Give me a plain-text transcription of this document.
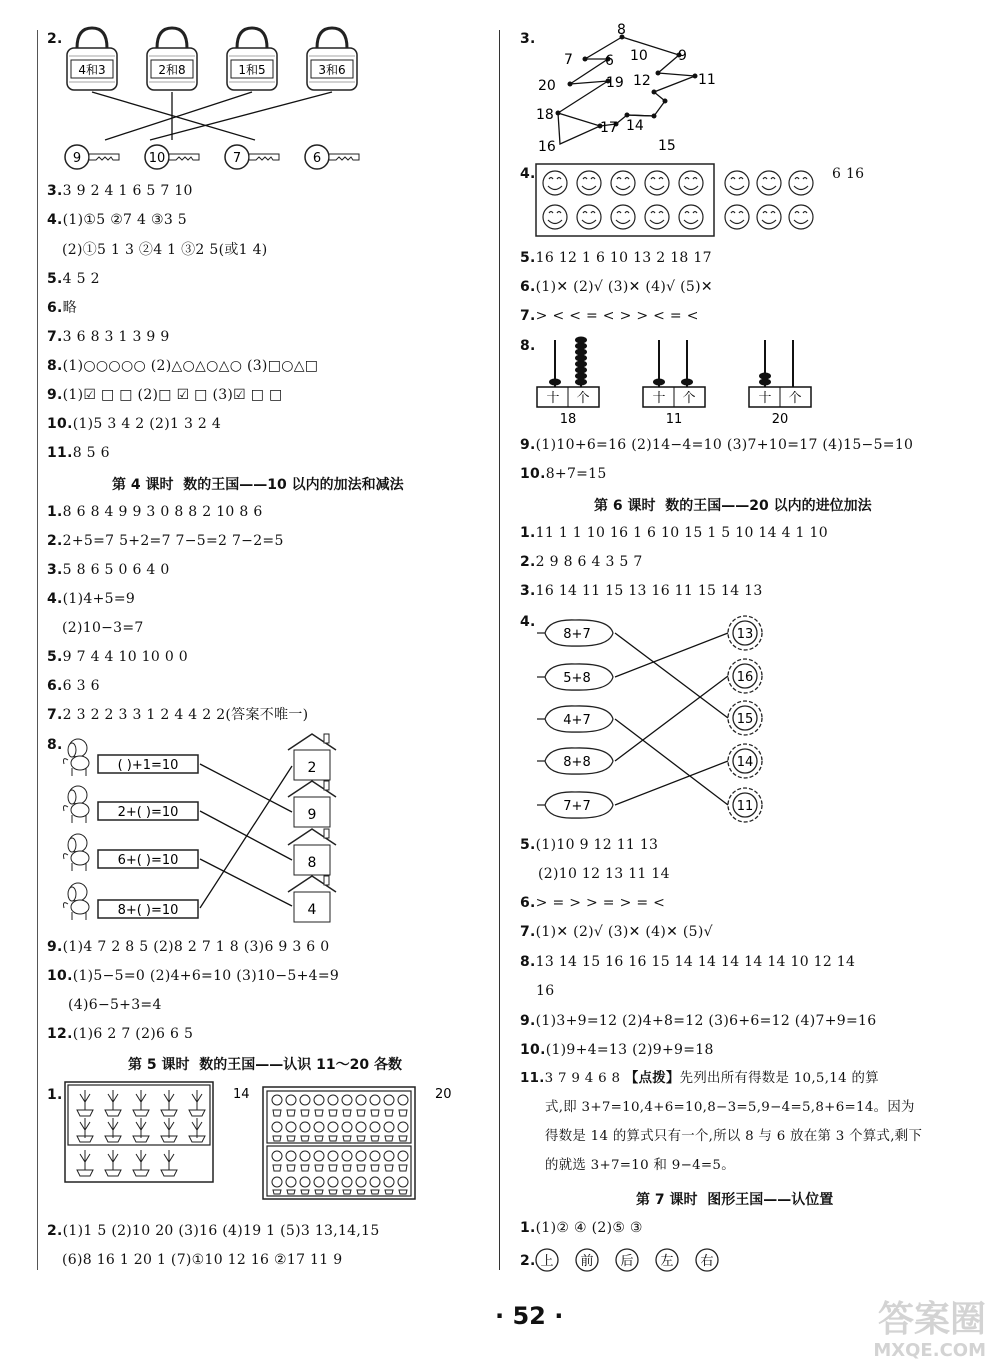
2.
4和3	2和8	1和5	3和6
9	10	7	6
3.3 9 2 4 1 6 5 7 10
4.(1)①5 ②7 4 ③3 5
(2)①5 1 3 ②4 1 ③2 5(或1 4)
5.4 5 2
6.略
7.3 6 8 3 1 3 9 9
8.(1)○○○○○ (2)△○△○△○ (3)□○△□
9.(1)☑ □ □ (2)□ ☑ □ (3)☑ □ □
10.(1)5 3 4 2 (2)1 3 2 4
11.8 5 6
第 4 课时  数的王国——10 以内的加法和减法
1.8 6 8 4 9 9 3 0 8 8 2 10 8 6
2.2+5=7 5+2=7 7−5=2 7−2=5
3.5 8 6 5 0 6 4 0
4.(1)4+5=9
(2)10−3=7
5.9 7 4 4 10 10 0 0
6.6 3 6
7.2 3 2 2 3 3 1 2 4 4 2 2(答案不唯一)
8.
( )+1=10
2+( )=10
6+( )=10
8+( )=10
2
9
8
4
9.(1)4 7 2 8 5 (2)8 2 7 1 8 (3)6 9 3 6 0
10.(1)5−5=0 (2)4+6=10 (3)10−5+4=9
(4)6−5+3=4
12.(1)6 2 7 (2)6 6 5
第 5 课时  数的王国——认识 11～20 各数
1.	14	20
2.(1)1 5 (2)10 20 (3)16 (4)19 1 (5)3 13,14,15
(6)8 16 1 20 1 (7)①10 12 16 ②17 11 9
3.
8
7 6 10 9
20	19 12	11
18
17 14
16	15
4.	6 16
5.16 12 1 6 10 13 2 18 17
6.(1)✕ (2)√ (3)✕ (4)√ (5)✕
7.> < < = < > > < = <
8.
十 个
18
十 个
11
十 个
20
9.(1)10+6=16 (2)14−4=10 (3)7+10=17 (4)15−5=10
10.8+7=15
第 6 课时  数的王国——20 以内的进位加法
1.11 1 1 10 16 1 6 10 15 1 5 10 14 4 1 10
2.2 9 8 6 4 3 5 7
3.16 14 11 15 13 16 11 15 14 13
4.
8+7
5+8
4+7
8+8
7+7
13
16
15
14
11
5.(1)10 9 12 11 13
(2)10 12 13 11 14
6.> = > > = > = <
7.(1)✕ (2)√ (3)✕ (4)✕ (5)√
8.13 14 15 16 16 15 14 14 14 14 14 10 12 14
16
9.(1)3+9=12 (2)4+8=12 (3)6+6=12 (4)7+9=16
10.(1)9+4=13 (2)9+9=18
11.3 7 9 4 6 8 【点拨】先列出所有得数是 10,5,14 的算
式,即 3+7=10,4+6=10,8−3=5,9−4=5,8+6=14。因为
得数是 14 的算式只有一个,所以 8 与 6 放在第 3 个算式,剩下
的就选 3+7=10 和 9−4=5。
第 7 课时  图形王国——认位置
1.(1)② ④ (2)⑤ ③
2. 上 前 后 左 右
· 52 ·	答案圈
MXQE.COM
